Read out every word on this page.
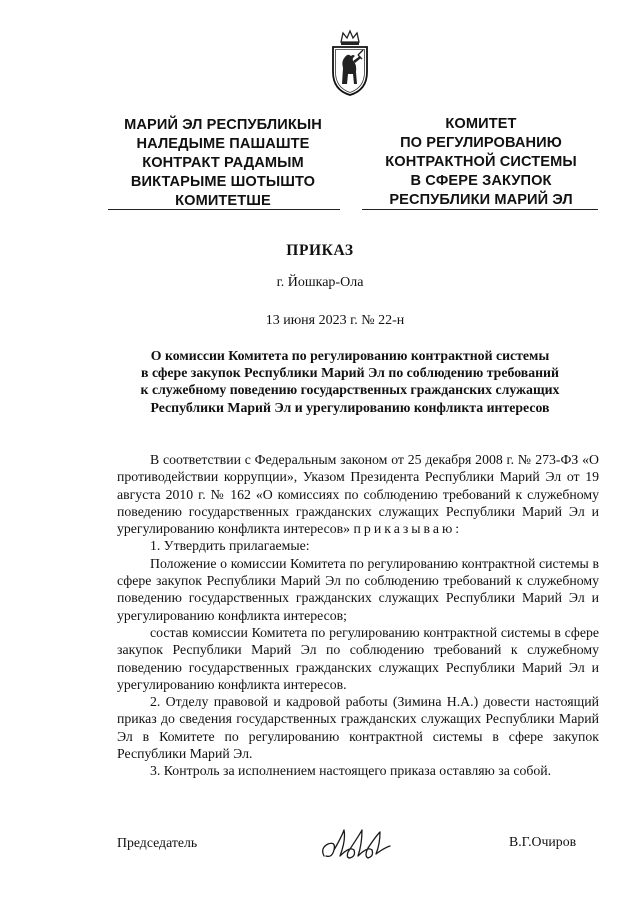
МАРИЙ ЭЛ РЕСПУБЛИКЫН
НАЛЕДЫМЕ ПАШАШТЕ
КОНТРАКТ РАДАМЫМ
ВИКТАРЫМЕ ШОТЫШТО
КОМИТЕТШЕ
КОМИТЕТ
ПО РЕГУЛИРОВАНИЮ
КОНТРАКТНОЙ СИСТЕМЫ
В СФЕРЕ ЗАКУПОК
РЕСПУБЛИКИ МАРИЙ ЭЛ
ПРИКАЗ
г. Йошкар-Ола
13 июня 2023 г. № 22-н
О комиссии Комитета по регулированию контрактной системы
в сфере закупок Республики Марий Эл по соблюдению требований
к служебному поведению государственных гражданских служащих
Республики Марий Эл и урегулированию конфликта интересов

В соответствии с Федеральным законом от 25 декабря 2008 г. № 273-ФЗ «О противодействии коррупции», Указом Президента Республики Марий Эл от 19 августа 2010 г. № 162 «О комиссиях по соблюдению требований к служебному поведению государственных гражданских служащих Республики Марий Эл и урегулированию конфликта интересов» приказываю:

1. Утвердить прилагаемые:

Положение о комиссии Комитета по регулированию контрактной системы в сфере закупок Республики Марий Эл по соблюдению требований к служебному поведению государственных гражданских служащих Республики Марий Эл и урегулированию конфликта интересов;

состав комиссии Комитета по регулированию контрактной системы в сфере закупок Республики Марий Эл по соблюдению требований к служебному поведению государственных гражданских служащих Республики Марий Эл и урегулированию конфликта интересов.

2. Отделу правовой и кадровой работы (Зимина Н.А.) довести настоящий приказ до сведения государственных гражданских служащих Республики Марий Эл в Комитете по регулированию контрактной системы в сфере закупок Республики Марий Эл.

3. Контроль за исполнением настоящего приказа оставляю за собой.

Председатель	В.Г.Очиров
